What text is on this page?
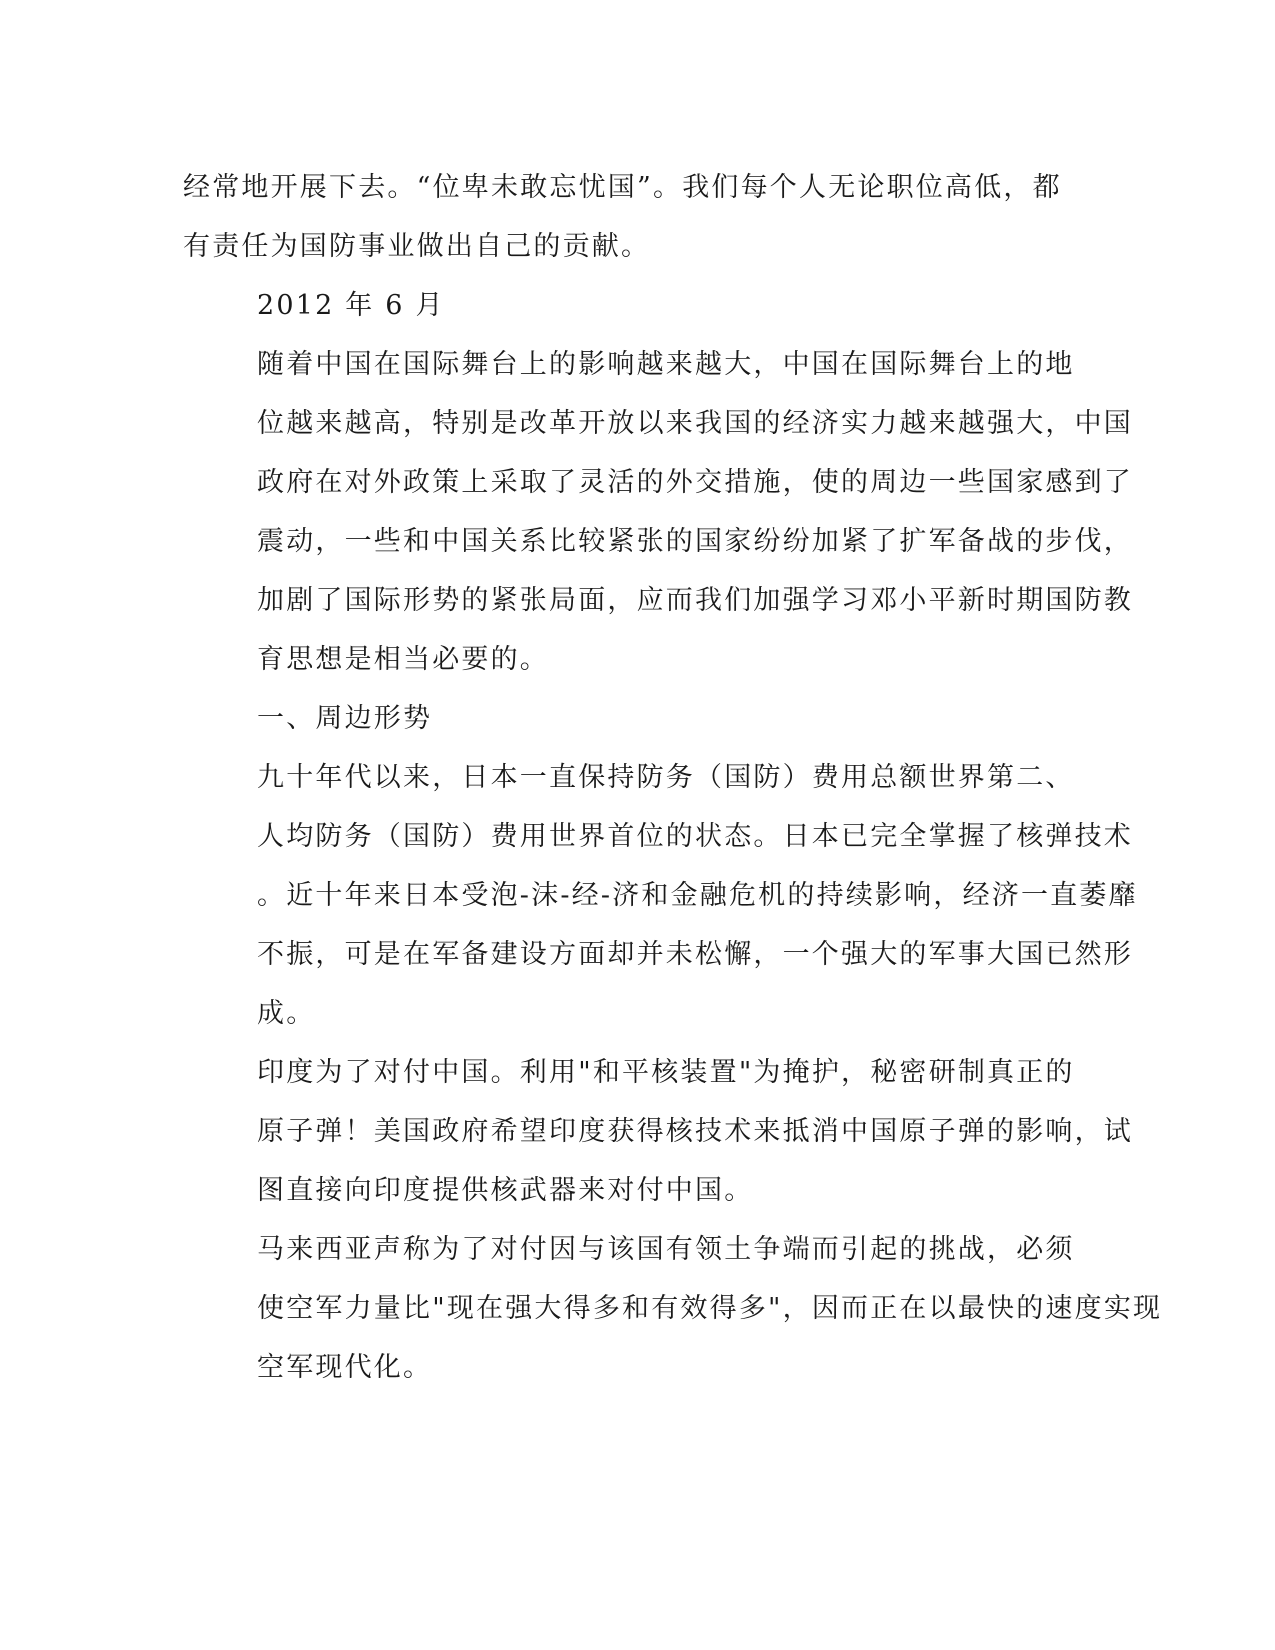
经常地开展下去。“位卑未敢忘忧国”。我们每个人无论职位高低，都
有责任为国防事业做出自己的贡献。

2012 年 6 月

随着中国在国际舞台上的影响越来越大，中国在国际舞台上的地
位越来越高，特别是改革开放以来我国的经济实力越来越强大，中国
政府在对外政策上采取了灵活的外交措施，使的周边一些国家感到了
震动，一些和中国关系比较紧张的国家纷纷加紧了扩军备战的步伐，
加剧了国际形势的紧张局面，应而我们加强学习邓小平新时期国防教
育思想是相当必要的。

一、周边形势

九十年代以来，日本一直保持防务（国防）费用总额世界第二、
人均防务（国防）费用世界首位的状态。日本已完全掌握了核弹技术
。近十年来日本受泡-沫-经-济和金融危机的持续影响，经济一直萎靡
不振，可是在军备建设方面却并未松懈，一个强大的军事大国已然形
成。

印度为了对付中国。利用"和平核装置"为掩护，秘密研制真正的
原子弹！美国政府希望印度获得核技术来抵消中国原子弹的影响，试
图直接向印度提供核武器来对付中国。

马来西亚声称为了对付因与该国有领土争端而引起的挑战，必须
使空军力量比"现在强大得多和有效得多"，因而正在以最快的速度实现
空军现代化。
